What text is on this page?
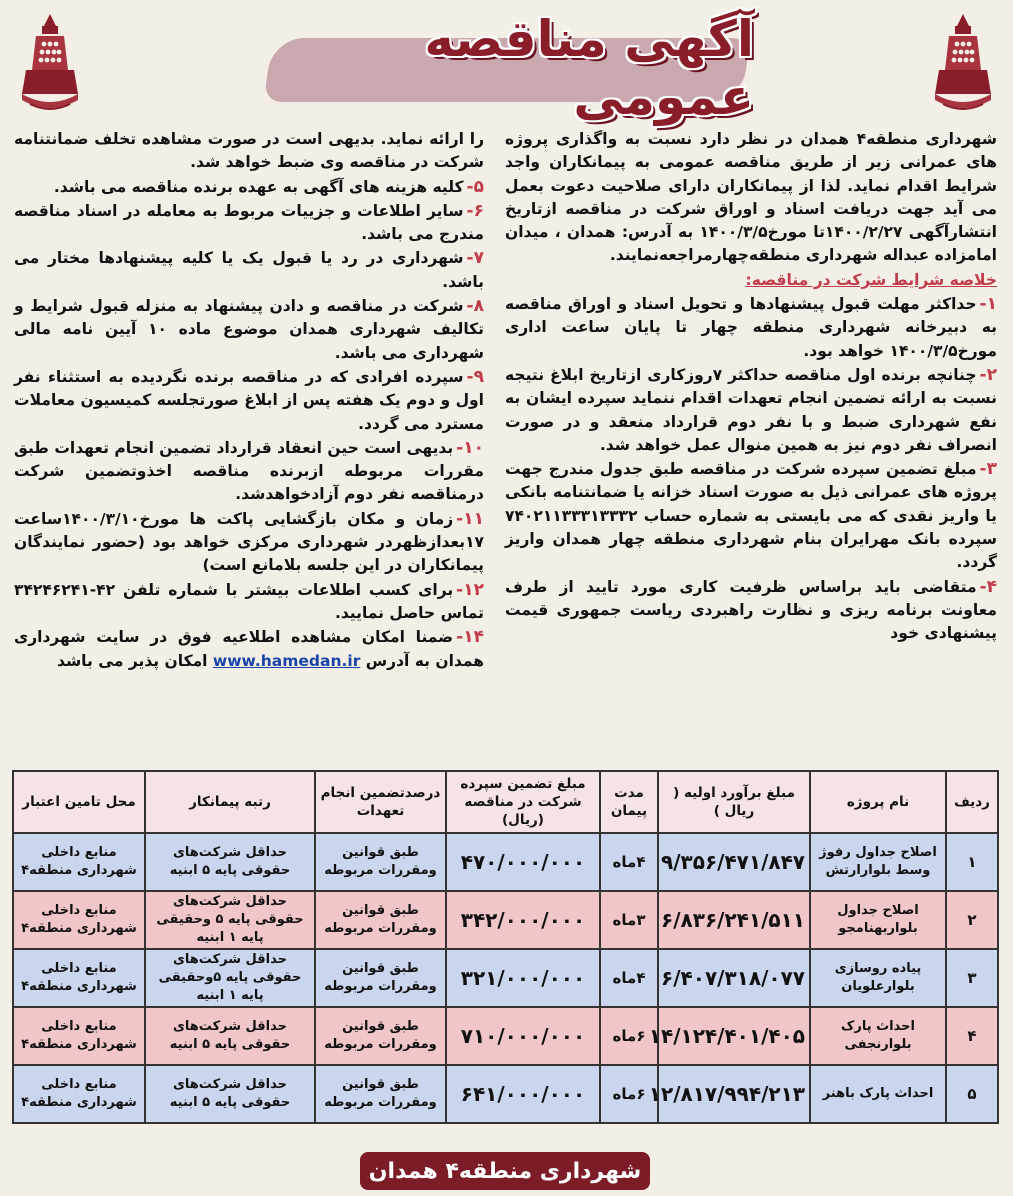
آگهی مناقصه عمومی

شهرداری منطقه۴ همدان در نظر دارد نسبت به واگذاری پروژه های عمرانی زیر از طریق مناقصه عمومی به پیمانکاران واجد شرایط اقدام نماید. لذا از پیمانکاران دارای صلاحیت دعوت بعمل می آید جهت دریافت اسناد و اوراق شرکت در مناقصه ازتاریخ انتشارآگهی ۱۴۰۰/۲/۲۷تا مورخ۱۴۰۰/۳/۵ به آدرس: همدان ، میدان امامزاده عبداله شهرداری منطقه‌چهارمراجعه‌نمایند.

خلاصه شرایط شرکت در مناقصه:

۱-حداکثر مهلت قبول پیشنهادها و تحویل اسناد و اوراق مناقصه به دبیرخانه شهرداری منطقه چهار تا پایان ساعت اداری مورخ۱۴۰۰/۳/۵ خواهد بود.

۲-چنانچه برنده اول مناقصه حداکثر ۷روزکاری ازتاریخ ابلاغ نتیجه نسبت به ارائه تضمین انجام تعهدات اقدام ننماید سپرده ایشان به نفع شهرداری ضبط و با نفر دوم قرارداد منعقد و در صورت انصراف نفر دوم نیز به همین منوال عمل خواهد شد.

۳-مبلغ تضمین سپرده شرکت در مناقصه طبق جدول مندرج جهت پروژه های عمرانی ذیل به صورت اسناد خزانه یا ضمانتنامه بانکی یا واریز نقدی که می بایستی به شماره حساب ۷۴۰۲۱۱۳۳۳۱۳۳۳۲ سپرده بانک مهرایران بنام شهرداری منطقه چهار همدان واریز گردد.

۴-متقاضی باید براساس ظرفیت کاری مورد تایید از طرف معاونت برنامه ریزی و نظارت راهبردی ریاست جمهوری قیمت پیشنهادی خود

را ارائه نماید. بدیهی است در صورت مشاهده تخلف ضمانتنامه شرکت در مناقصه وی ضبط خواهد شد.

۵-کلیه هزینه های آگهی به عهده برنده مناقصه می باشد.

۶-سایر اطلاعات و جزییات مربوط به معامله در اسناد مناقصه مندرج می باشد.

۷-شهرداری در رد یا قبول یک یا کلیه پیشنهادها مختار می باشد.

۸-شرکت در مناقصه و دادن پیشنهاد به منزله قبول شرایط و تکالیف شهرداری همدان موضوع ماده ۱۰ آیین نامه مالی شهرداری می باشد.

۹-سپرده افرادی که در مناقصه برنده نگردیده به استثناء نفر اول و دوم یک هفته پس از ابلاغ صورتجلسه کمیسیون معاملات مسترد می گردد.

۱۰-بدیهی است حین انعقاد قرارداد تضمین انجام تعهدات طبق مقررات مربوطه ازبرنده مناقصه اخذوتضمین شرکت درمناقصه نفر دوم آزادخواهدشد.

۱۱-زمان و مکان بازگشایی پاکت ها مورخ۱۴۰۰/۳/۱۰ساعت ۱۷بعدازظهردر شهرداری مرکزی خواهد بود (حضور نمایندگان پیمانکاران در این جلسه بلامانع است)

۱۲-برای کسب اطلاعات بیشتر با شماره تلفن ۴۲-۳۴۲۴۶۲۴۱ تماس حاصل نمایید.

۱۴-ضمنا امکان مشاهده اطلاعیه فوق در سایت شهرداری همدان به آدرس www.hamedan.ir امکان پذیر می باشد

ردیف	نام پروژه	مبلغ برآورد اولیه ( ریال )	مدت پیمان	مبلغ تضمین سپرده شرکت در مناقصه (ریال)	درصدتضمین انجام تعهدات	رتبه پیمانکار	محل تامین اعتبار
۱	اصلاح جداول رفوژ وسط بلوارارتش	۹/۳۵۶/۴۷۱/۸۴۷	۴ماه	۴۷۰/۰۰۰/۰۰۰	طبق قوانین ومقررات مربوطه	حداقل شرکت‌های حقوقی پایه ۵ ابنیه	منابع داخلی شهرداری منطقه۴
۲	اصلاح جداول بلواربهنامجو	۶/۸۳۶/۲۴۱/۵۱۱	۳ماه	۳۴۲/۰۰۰/۰۰۰	طبق قوانین ومقررات مربوطه	حداقل شرکت‌های حقوقی پایه ۵ وحقیقی پایه ۱ ابنیه	منابع داخلی شهرداری منطقه۴
۳	پیاده روسازی بلوارعلویان	۶/۴۰۷/۳۱۸/۰۷۷	۴ماه	۳۲۱/۰۰۰/۰۰۰	طبق قوانین ومقررات مربوطه	حداقل شرکت‌های حقوقی پایه ۵وحقیقی پایه ۱ ابنیه	منابع داخلی شهرداری منطقه۴
۴	احداث پارک بلوارنجفی	۱۴/۱۲۴/۴۰۱/۴۰۵	۶ماه	۷۱۰/۰۰۰/۰۰۰	طبق قوانین ومقررات مربوطه	حداقل شرکت‌های حقوقی پایه ۵ ابنیه	منابع داخلی شهرداری منطقه۴
۵	احداث پارک باهنر	۱۲/۸۱۷/۹۹۴/۲۱۳	۶ماه	۶۴۱/۰۰۰/۰۰۰	طبق قوانین ومقررات مربوطه	حداقل شرکت‌های حقوقی پایه ۵ ابنیه	منابع داخلی شهرداری منطقه۴
شهرداری منطقه۴ همدان
